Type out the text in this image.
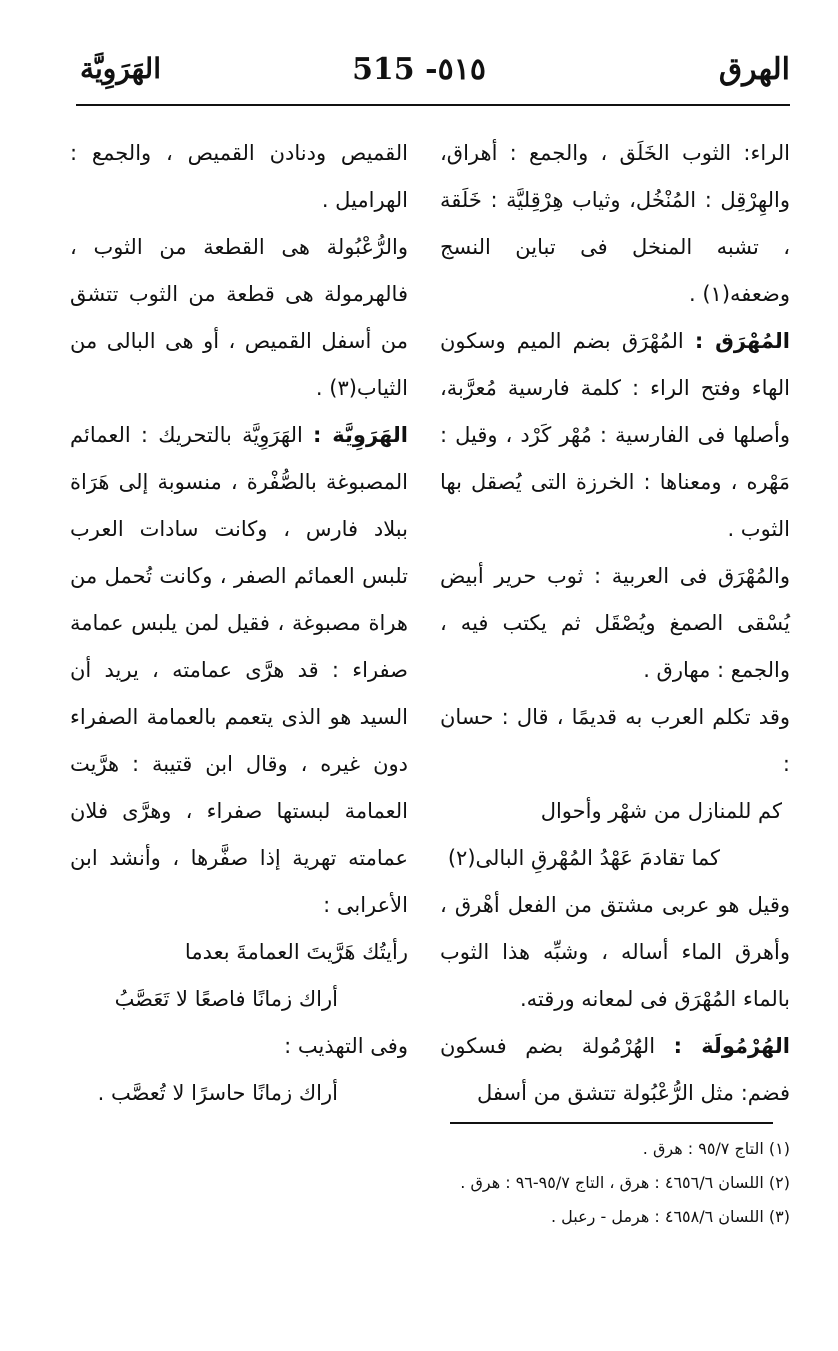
الهرق
515 -٥١٥
الهَرَوِيَّة

الراء: الثوب الخَلَق ، والجمع : أهراق، والهِرْقِل : المُنْخُل، وثياب هِرْقِليَّة : خَلَقة ، تشبه المنخل فى تباين النسج وضعفه(١) .

المُهْرَق : المُهْرَق بضم الميم وسكون الهاء وفتح الراء : كلمة فارسية مُعرَّبة، وأصلها فى الفارسية : مُهْر كَرْد ، وقيل : مَهْره ، ومعناها : الخرزة التى يُصقل بها الثوب .

والمُهْرَق فى العربية : ثوب حرير أبيض يُسْقى الصمغ ويُصْقَل ثم يكتب فيه ، والجمع : مهارق .

وقد تكلم العرب به قديمًا ، قال : حسان :

كم للمنازل من شهْر وأحوال

كما تقادمَ عَهْدُ المُهْرقِ البالى(٢)

وقيل هو عربى مشتق من الفعل أهْرق ، وأهرق الماء أساله ، وشبِّه هذا الثوب بالماء المُهْرَق فى لمعانه ورقته.

الهُرْمُولَة : الهُرْمُولة بضم فسكون فضم: مثل الرُّعْبُولة تتشق من أسفل

القميص ودنادن القميص ، والجمع : الهراميل .

والرُّعْبُولة هى القطعة من الثوب ، فالهرمولة هى قطعة من الثوب تتشق من أسفل القميص ، أو هى البالى من الثياب(٣) .

الهَرَوِيَّة : الهَرَوِيَّة بالتحريك : العمائم المصبوغة بالصُّفْرة ، منسوبة إلى هَرَاة ببلاد فارس ، وكانت سادات العرب تلبس العمائم الصفر ، وكانت تُحمل من هراة مصبوغة ، فقيل لمن يلبس عمامة صفراء : قد هرَّى عمامته ، يريد أن السيد هو الذى يتعمم بالعمامة الصفراء دون غيره ، وقال ابن قتيبة : هرَّيت العمامة لبستها صفراء ، وهرَّى فلان عمامته تهرية إذا صفَّرها ، وأنشد ابن الأعرابى :

رأيتُك هَرَّيتَ العمامةَ بعدما

أراك زمانًا فاصعًا لا تَعَصَّبُ

وفى التهذيب :

أراك زمانًا حاسرًا لا تُعصَّب .

(١) التاج ٩٥/٧ : هرق .

(٢) اللسان ٤٦٥٦/٦ : هرق ، التاج ٩٥/٧-٩٦ : هرق .

(٣) اللسان ٤٦٥٨/٦ : هرمل - رعبل .
